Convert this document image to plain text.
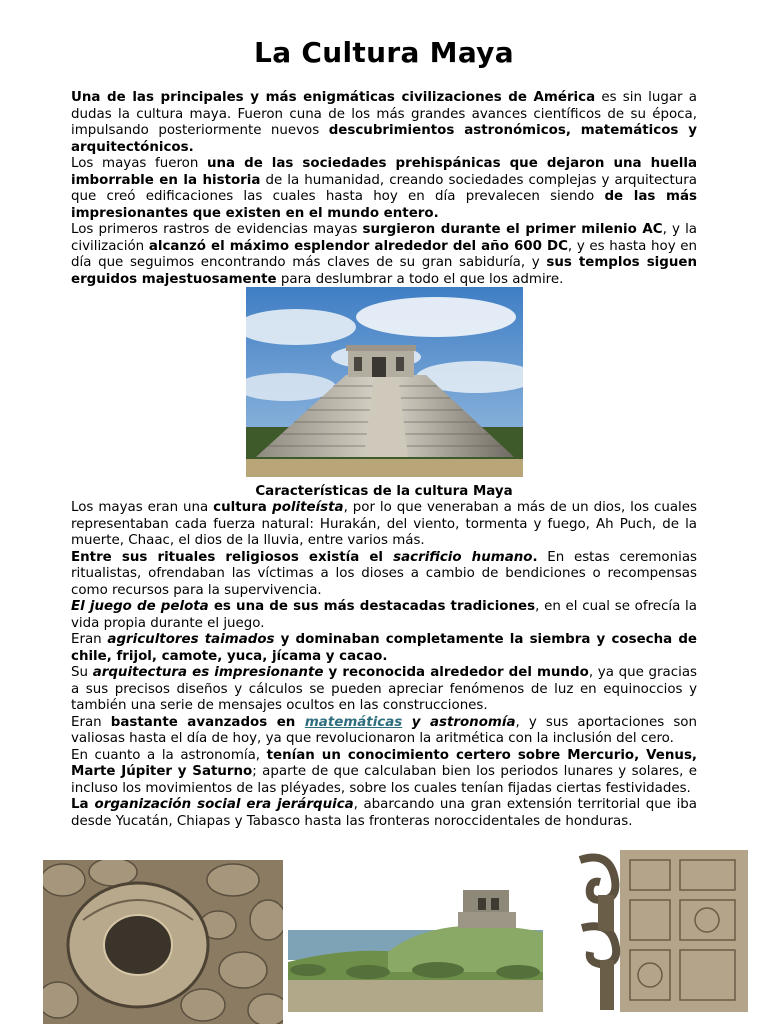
La Cultura Maya

Una de las principales y más enigmáticas civilizaciones de América es sin lugar a dudas la cultura maya. Fueron cuna de los más grandes avances científicos de su época, impulsando posteriormente nuevos descubrimientos astronómicos, matemáticos y arquitectónicos.

Los mayas fueron una de las sociedades prehispánicas que dejaron una huella imborrable en la historia de la humanidad, creando sociedades complejas y arquitectura que creó edificaciones las cuales hasta hoy en día prevalecen siendo de las más impresionantes que existen en el mundo entero.

Los primeros rastros de evidencias mayas surgieron durante el primer milenio AC, y la civilización alcanzó el máximo esplendor alrededor del año 600 DC, y es hasta hoy en día que seguimos encontrando más claves de su gran sabiduría, y sus templos siguen erguidos majestuosamente para deslumbrar a todo el que los admire.

Características de la cultura Maya

Los mayas eran una cultura politeísta, por lo que veneraban a más de un dios, los cuales representaban cada fuerza natural: Hurakán, del viento, tormenta y fuego, Ah Puch, de la muerte, Chaac, el dios de la lluvia, entre varios más.

Entre sus rituales religiosos existía el sacrificio humano. En estas ceremonias ritualistas, ofrendaban las víctimas a los dioses a cambio de bendiciones o recompensas como recursos para la supervivencia.

El juego de pelota es una de sus más destacadas tradiciones, en el cual se ofrecía la vida propia durante el juego.

Eran agricultores taimados y dominaban completamente la siembra y cosecha de chile, frijol, camote, yuca, jícama y cacao.

Su arquitectura es impresionante y reconocida alrededor del mundo, ya que gracias a sus precisos diseños y cálculos se pueden apreciar fenómenos de luz en equinoccios y también una serie de mensajes ocultos en las construcciones.

Eran bastante avanzados en matemáticas y astronomía, y sus aportaciones son valiosas hasta el día de hoy, ya que revolucionaron la aritmética con la inclusión del cero.

En cuanto a la astronomía, tenían un conocimiento certero sobre Mercurio, Venus, Marte Júpiter y Saturno; aparte de que calculaban bien los periodos lunares y solares, e incluso los movimientos de las pléyades, sobre los cuales tenían fijadas ciertas festividades.

La organización social era jerárquica, abarcando una gran extensión territorial que iba desde Yucatán, Chiapas y Tabasco hasta las fronteras noroccidentales de honduras.
